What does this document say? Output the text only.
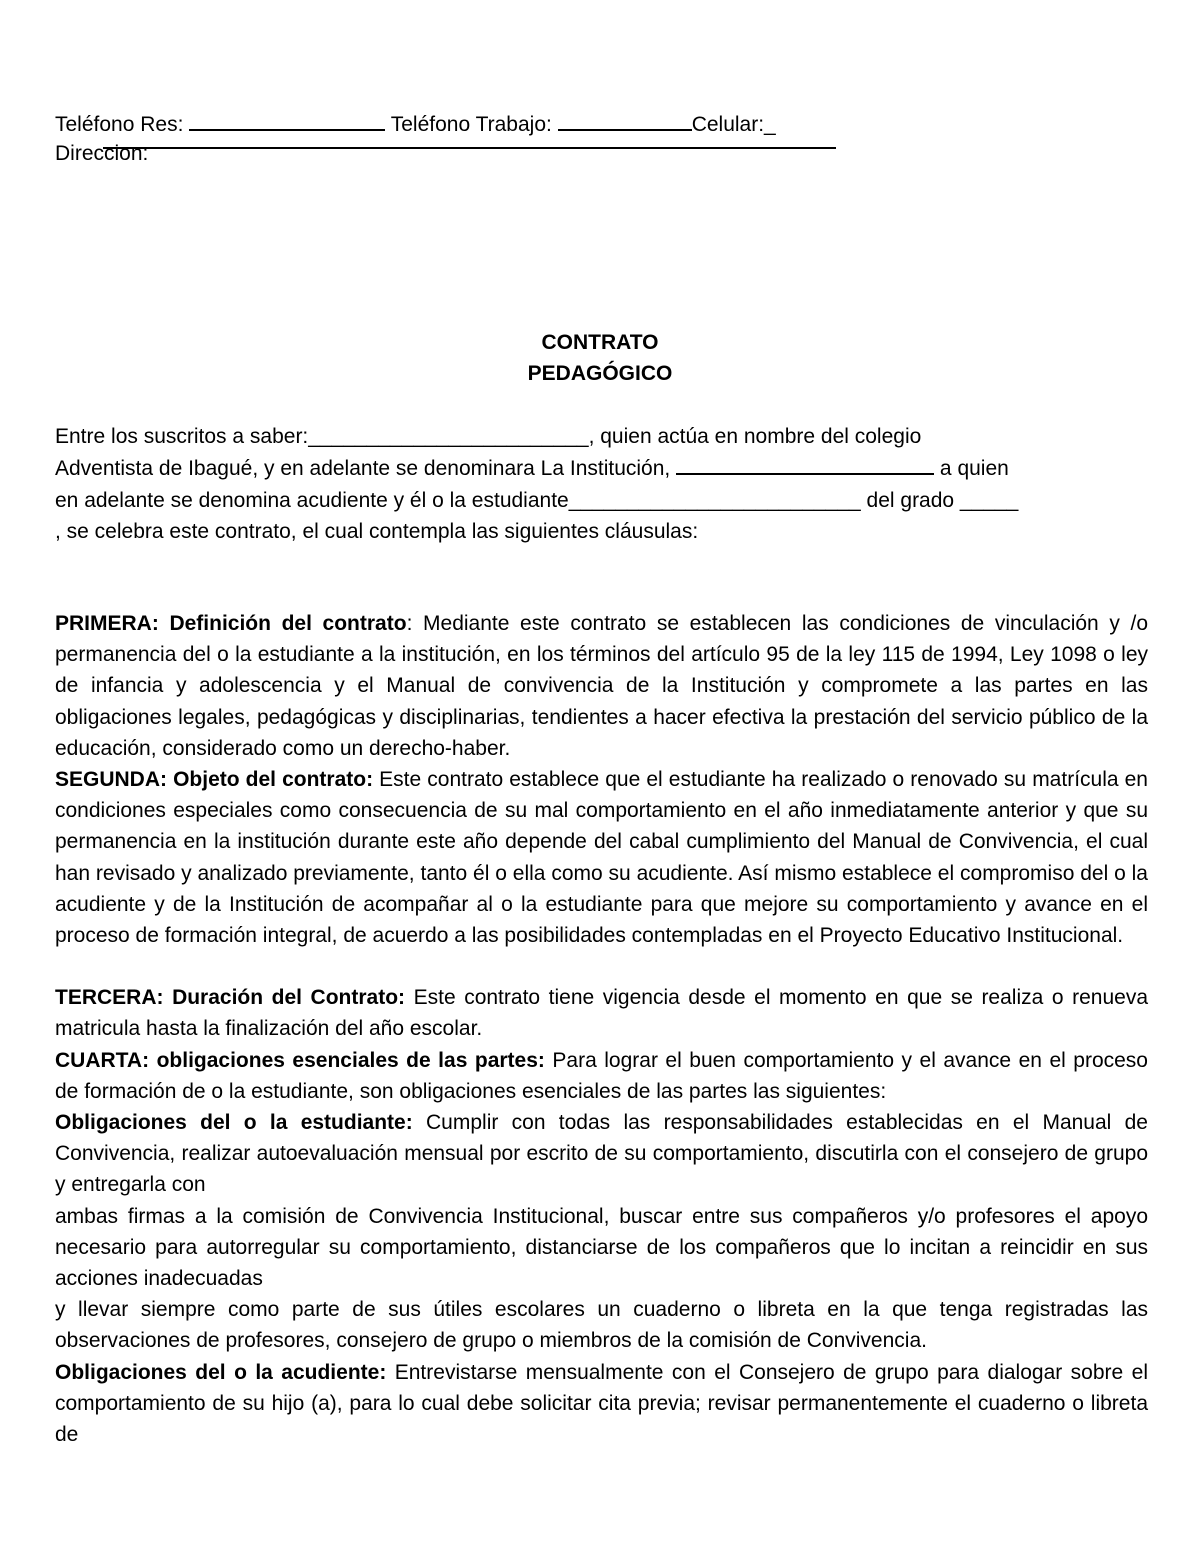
Teléfono Res:	Teléfono Trabajo:	Celular:_
Direccion:
CONTRATO
PEDAGÓGICO
Entre los suscritos a saber:________________________, quien actúa en nombre del colegio
Adventista de Ibagué, y en adelante se denominara La Institución,	a quien
en adelante se denomina acudiente y él o la estudiante_________________________ del grado _____
, se celebra este contrato, el cual contempla las siguientes cláusulas:

PRIMERA: Definición del contrato: Mediante este contrato se establecen las condiciones de vinculación y /o permanencia del o la estudiante a la institución, en los términos del artículo 95 de la ley 115 de 1994, Ley 1098 o ley de infancia y adolescencia y el Manual de convivencia de la Institución y compromete a las partes en las obligaciones legales, pedagógicas y disciplinarias, tendientes a hacer efectiva la prestación del servicio público de la educación, considerado como un derecho-haber.

SEGUNDA: Objeto del contrato: Este contrato establece que el estudiante ha realizado o renovado su matrícula en condiciones especiales como consecuencia de su mal comportamiento en el año inmediatamente anterior y que su permanencia en la institución durante este año depende del cabal cumplimiento del Manual de Convivencia, el cual han revisado y analizado previamente, tanto él o ella como su acudiente. Así mismo establece el compromiso del o la acudiente y de la Institución de acompañar al o la estudiante para que mejore su comportamiento y avance en el proceso de formación integral, de acuerdo a las posibilidades contempladas en el Proyecto Educativo Institucional.

TERCERA: Duración del Contrato: Este contrato tiene vigencia desde el momento en que se realiza o renueva matricula hasta la finalización del año escolar.

CUARTA: obligaciones esenciales de las partes: Para lograr el buen comportamiento y el avance en el proceso de formación de o la estudiante, son obligaciones esenciales de las partes las siguientes:

Obligaciones del o la estudiante: Cumplir con todas las responsabilidades establecidas en el Manual de Convivencia, realizar autoevaluación mensual por escrito de su comportamiento, discutirla con el consejero de grupo y entregarla con

ambas firmas a la comisión de Convivencia Institucional, buscar entre sus compañeros y/o profesores el apoyo necesario para autorregular su comportamiento, distanciarse de los compañeros que lo incitan a reincidir en sus acciones inadecuadas

y llevar siempre como parte de sus útiles escolares un cuaderno o libreta en la que tenga registradas las observaciones de profesores, consejero de grupo o miembros de la comisión de Convivencia.

Obligaciones del o la acudiente: Entrevistarse mensualmente con el Consejero de grupo para dialogar sobre el comportamiento de su hijo (a), para lo cual debe solicitar cita previa; revisar permanentemente el cuaderno o libreta de
